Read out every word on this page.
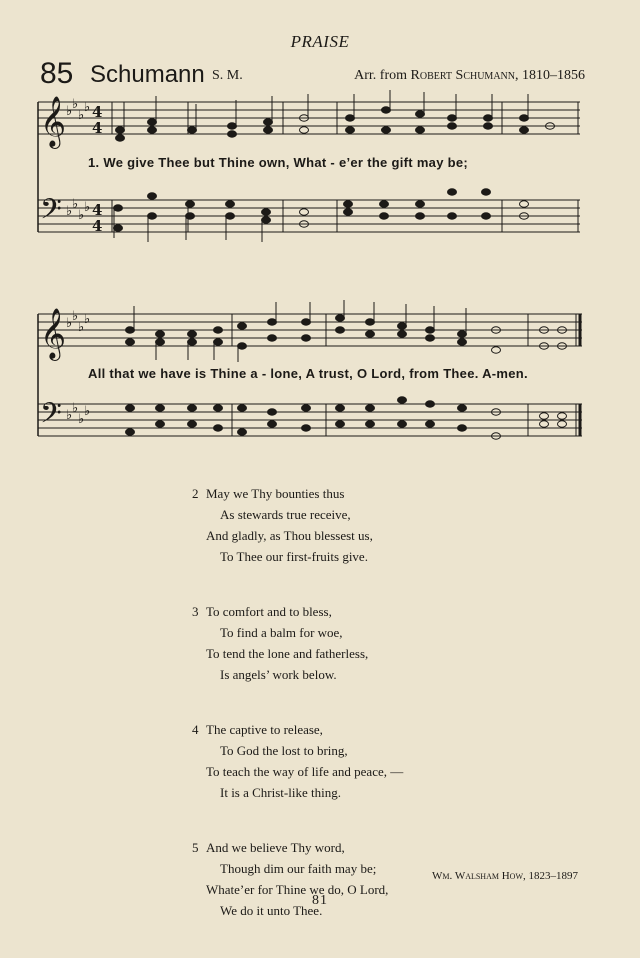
PRAISE
85 Schumann S. M.	Arr. from Robert Schumann, 1810–1856
𝄞
𝄢
♭ ♭
♭
♭
♭ ♭
♭
♭
4
4
4
4
1. We give Thee but Thine own, What - e’er the gift may be;
𝄞
𝄢
♭ ♭
♭
♭
♭ ♭
♭
♭
All that we have is Thine a - lone, A trust, O Lord, from Thee. A-men.
2 May we Thy bounties thus
As stewards true receive,
And gladly, as Thou blessest us,
To Thee our first-fruits give.
3 To comfort and to bless,
To find a balm for woe,
To tend the lone and fatherless,
Is angels’ work below.
4 The captive to release,
To God the lost to bring,
To teach the way of life and peace, —
It is a Christ-like thing.
5 And we believe Thy word,
Though dim our faith may be;
Whate’er for Thine we do, O Lord,
We do it unto Thee.
Wm. Walsham How, 1823–1897
81
